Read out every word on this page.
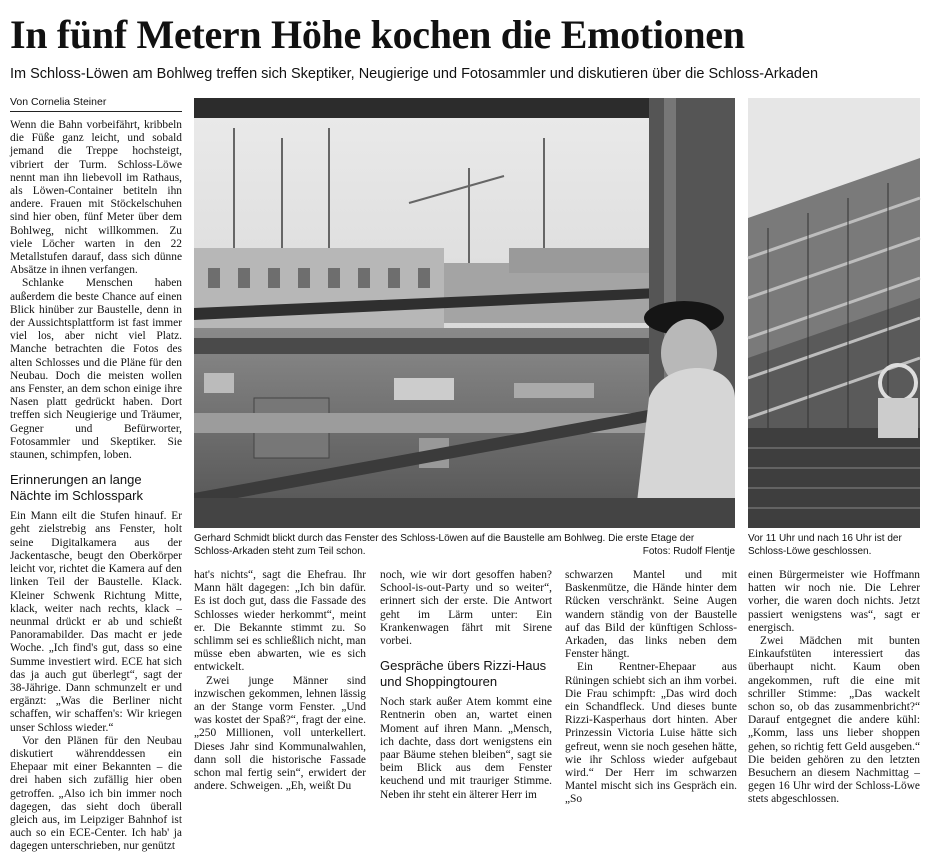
In fünf Metern Höhe kochen die Emotionen
Im Schloss-Löwen am Bohlweg treffen sich Skeptiker, Neugierige und Fotosammler und diskutieren über die Schloss-Arkaden
Von Cornelia Steiner

Wenn die Bahn vorbeifährt, kribbeln die Füße ganz leicht, und sobald jemand die Treppe hochsteigt, vibriert der Turm. Schloss-Löwe nennt man ihn liebevoll im Rathaus, als Löwen-Container betiteln ihn andere. Frauen mit Stöckelschuhen sind hier oben, fünf Meter über dem Bohlweg, nicht willkommen. Zu viele Löcher warten in den 22 Metallstufen darauf, dass sich dünne Absätze in ihnen verfangen.

Schlanke Menschen haben außerdem die beste Chance auf einen Blick hinüber zur Baustelle, denn in der Aussichtsplattform ist fast immer viel los, aber nicht viel Platz. Manche betrachten die Fotos des alten Schlosses und die Pläne für den Neubau. Doch die meisten wollen ans Fenster, an dem schon einige ihre Nasen platt gedrückt haben. Dort treffen sich Neugierige und Träumer, Gegner und Befürworter, Fotosammler und Skeptiker. Sie staunen, schimpfen, loben.

Erinnerungen an lange Nächte im Schlosspark

Ein Mann eilt die Stufen hinauf. Er geht zielstrebig ans Fenster, holt seine Digitalkamera aus der Jackentasche, beugt den Oberkörper leicht vor, richtet die Kamera auf den linken Teil der Baustelle. Klack. Kleiner Schwenk Richtung Mitte, klack, weiter nach rechts, klack – neunmal drückt er ab und schießt Panoramabilder. Das macht er jede Woche. „Ich find's gut, dass so eine Summe investiert wird. ECE hat sich das ja auch gut überlegt“, sagt der 38-Jährige. Dann schmunzelt er und ergänzt: „Was die Berliner nicht schaffen, wir schaffen's: Wir kriegen unser Schloss wieder.“

Vor den Plänen für den Neubau diskutiert währenddessen ein Ehepaar mit einer Bekannten – die drei haben sich zufällig hier oben getroffen. „Also ich bin immer noch dagegen, das sieht doch überall gleich aus, im Leipziger Bahnhof ist auch so ein ECE-Center. Ich hab' ja dagegen unterschrieben, nur genützt

Gerhard Schmidt blickt durch das Fenster des Schloss-Löwen auf die Baustelle am Bohlweg. Die erste Etage der Schloss-Arkaden steht zum Teil schon.	Fotos: Rudolf Flentje
Vor 11 Uhr und nach 16 Uhr ist der Schloss-Löwe geschlossen.

hat's nichts“, sagt die Ehefrau. Ihr Mann hält dagegen: „Ich bin dafür. Es ist doch gut, dass die Fassade des Schlosses wieder herkommt“, meint er. Die Bekannte stimmt zu. So schlimm sei es schließlich nicht, man müsse eben abwarten, wie es sich entwickelt.

Zwei junge Männer sind inzwischen gekommen, lehnen lässig an der Stange vorm Fenster. „Und was kostet der Spaß?“, fragt der eine. „250 Millionen, voll unterkellert. Dieses Jahr sind Kommunalwahlen, dann soll die historische Fassade schon mal fertig sein“, erwidert der andere. Schweigen. „Eh, weißt Du

noch, wie wir dort gesoffen haben? School-is-out-Party und so weiter“, erinnert sich der erste. Die Antwort geht im Lärm unter: Ein Krankenwagen fährt mit Sirene vorbei.

Gespräche übers Rizzi-Haus und Shoppingtouren

Noch stark außer Atem kommt eine Rentnerin oben an, wartet einen Moment auf ihren Mann. „Mensch, ich dachte, dass dort wenigstens ein paar Bäume stehen bleiben“, sagt sie beim Blick aus dem Fenster keuchend und mit trauriger Stimme. Neben ihr steht ein älterer Herr im

schwarzen Mantel und mit Baskenmütze, die Hände hinter dem Rücken verschränkt. Seine Augen wandern ständig von der Baustelle auf das Bild der künftigen Schloss-Arkaden, das links neben dem Fenster hängt.

Ein Rentner-Ehepaar aus Rüningen schiebt sich an ihm vorbei. Die Frau schimpft: „Das wird doch ein Schandfleck. Und dieses bunte Rizzi-Kasperhaus dort hinten. Aber Prinzessin Victoria Luise hätte sich gefreut, wenn sie noch gesehen hätte, wie ihr Schloss wieder aufgebaut wird.“ Der Herr im schwarzen Mantel mischt sich ins Gespräch ein. „So

einen Bürgermeister wie Hoffmann hatten wir noch nie. Die Lehrer vorher, die waren doch nichts. Jetzt passiert wenigstens was“, sagt er energisch.

Zwei Mädchen mit bunten Einkaufstüten interessiert das überhaupt nicht. Kaum oben angekommen, ruft die eine mit schriller Stimme: „Das wackelt schon so, ob das zusammenbricht?“ Darauf entgegnet die andere kühl: „Komm, lass uns lieber shoppen gehen, so richtig fett Geld ausgeben.“ Die beiden gehören zu den letzten Besuchern an diesem Nachmittag – gegen 16 Uhr wird der Schloss-Löwe stets abgeschlossen.
